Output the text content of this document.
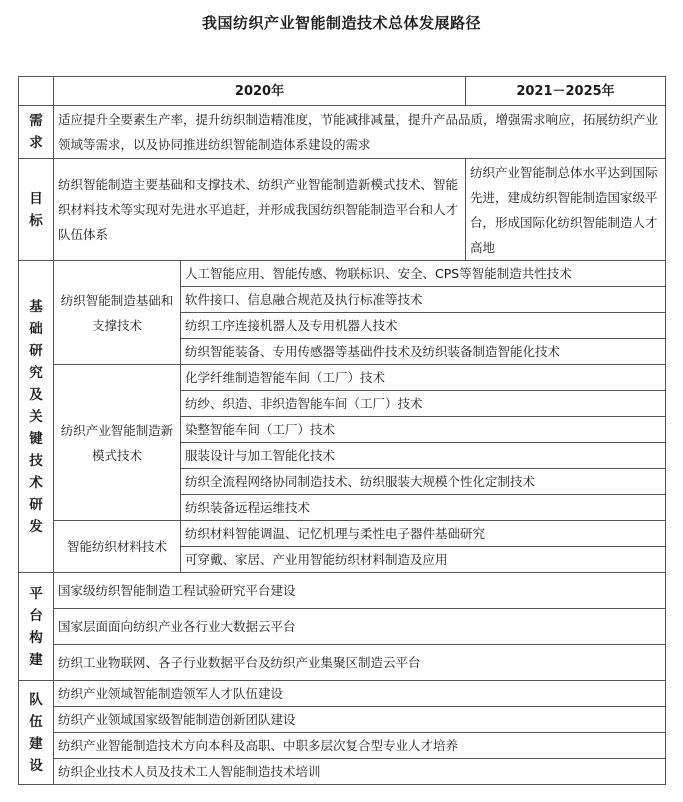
我国纺织产业智能制造技术总体发展路径
	2020年		2021－2025年
需求	适应提升全要素生产率，提升纺织制造精准度，节能减排减量，提升产品品质，增强需求响应，拓展纺织产业领域等需求，以及协同推进纺织智能制造体系建设的需求		
目标	纺织智能制造主要基础和支撑技术、纺织产业智能制造新模式技术、智能织材料技术等实现对先进水平追赶，并形成我国纺织智能制造平台和人才队伍体系		纺织产业智能制总体水平达到国际先进，建成纺织智能制造国家级平台，形成国际化纺织智能制造人才高地
基础研究及关键技术研发	纺织智能制造基础和支撑技术	人工智能应用、智能传感、物联标识、安全、CPS等智能制造共性技术	
		软件接口、信息融合规范及执行标准等技术	
		纺织工序连接机器人及专用机器人技术	
		纺织智能装备、专用传感器等基础件技术及纺织装备制造智能化技术	
	纺织产业智能制造新模式技术	化学纤维制造智能车间（工厂）技术	
		纺纱、织造、非织造智能车间（工厂）技术	
		染整智能车间（工厂）技术	
		服装设计与加工智能化技术	
		纺织全流程网络协同制造技术、纺织服装大规模个性化定制技术	
		纺织装备远程运维技术	
	智能纺织材料技术	纺织材料智能调温、记忆机理与柔性电子器件基础研究	
		可穿戴、家居、产业用智能纺织材料制造及应用	
平台构建	国家级纺织智能制造工程试验研究平台建设		
	国家层面面向纺织产业各行业大数据云平台		
	纺织工业物联网、各子行业数据平台及纺织产业集聚区制造云平台		
队伍建设	纺织产业领域智能制造领军人才队伍建设		
	纺织产业领域国家级智能制造创新团队建设		
	纺织产业智能制造技术方向本科及高职、中职多层次复合型专业人才培养		
	纺织企业技术人员及技术工人智能制造技术培训		
